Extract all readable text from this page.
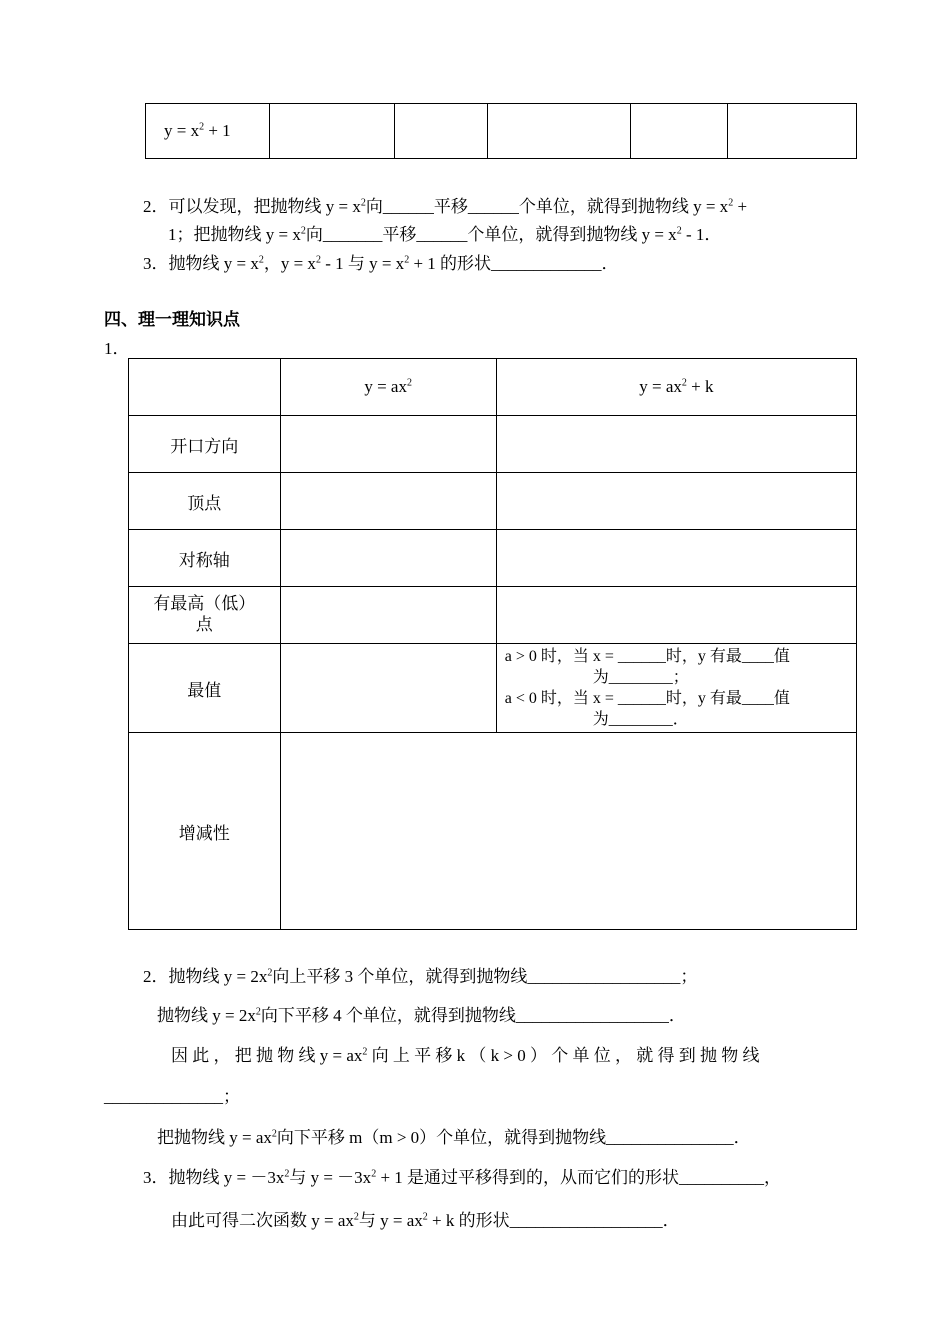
$y = x^2 + 1$					
2．可以发现，把抛物线 $y = x^2$向______平移______个单位，就得到抛物线 $y = x^2$ +
1；把抛物线 $y = x^2$向_______平移______个单位，就得到抛物线 $y = x^2 - 1$．
3．抛物线 $y = x^2$，$y = x^2 - 1$ 与 $y = x^2 + 1$ 的形状_____________．
四、理一理知识点
1．
	$y = ax^2$	$y = ax^2 + k$
开口方向		
顶点		
对称轴		

有最高（低）
点		

最值		a > 0 时，当 x = ______时，y 有最____值
为________；
a < 0 时，当 x = ______时，y 有最____值
为________．

增减性		
2．抛物线 $y = 2x^2$向上平移 3 个单位，就得到抛物线__________________；
抛物线 $y = 2x^2$向下平移 4 个单位，就得到抛物线__________________．
因 此 ， 把 抛 物 线 $y = ax^2$ 向 上 平 移 k （ k > 0 ） 个 单 位 ， 就 得 到 抛 物 线
______________；
把抛物线 $y = ax^2$向下平移 m（m > 0）个单位，就得到抛物线_______________．
3．抛物线 $y = -3x^2$与 $y = -3x^2 + 1$ 是通过平移得到的，从而它们的形状__________，
由此可得二次函数 $y = ax^2$与 $y = ax^2 + k$ 的形状__________________．
